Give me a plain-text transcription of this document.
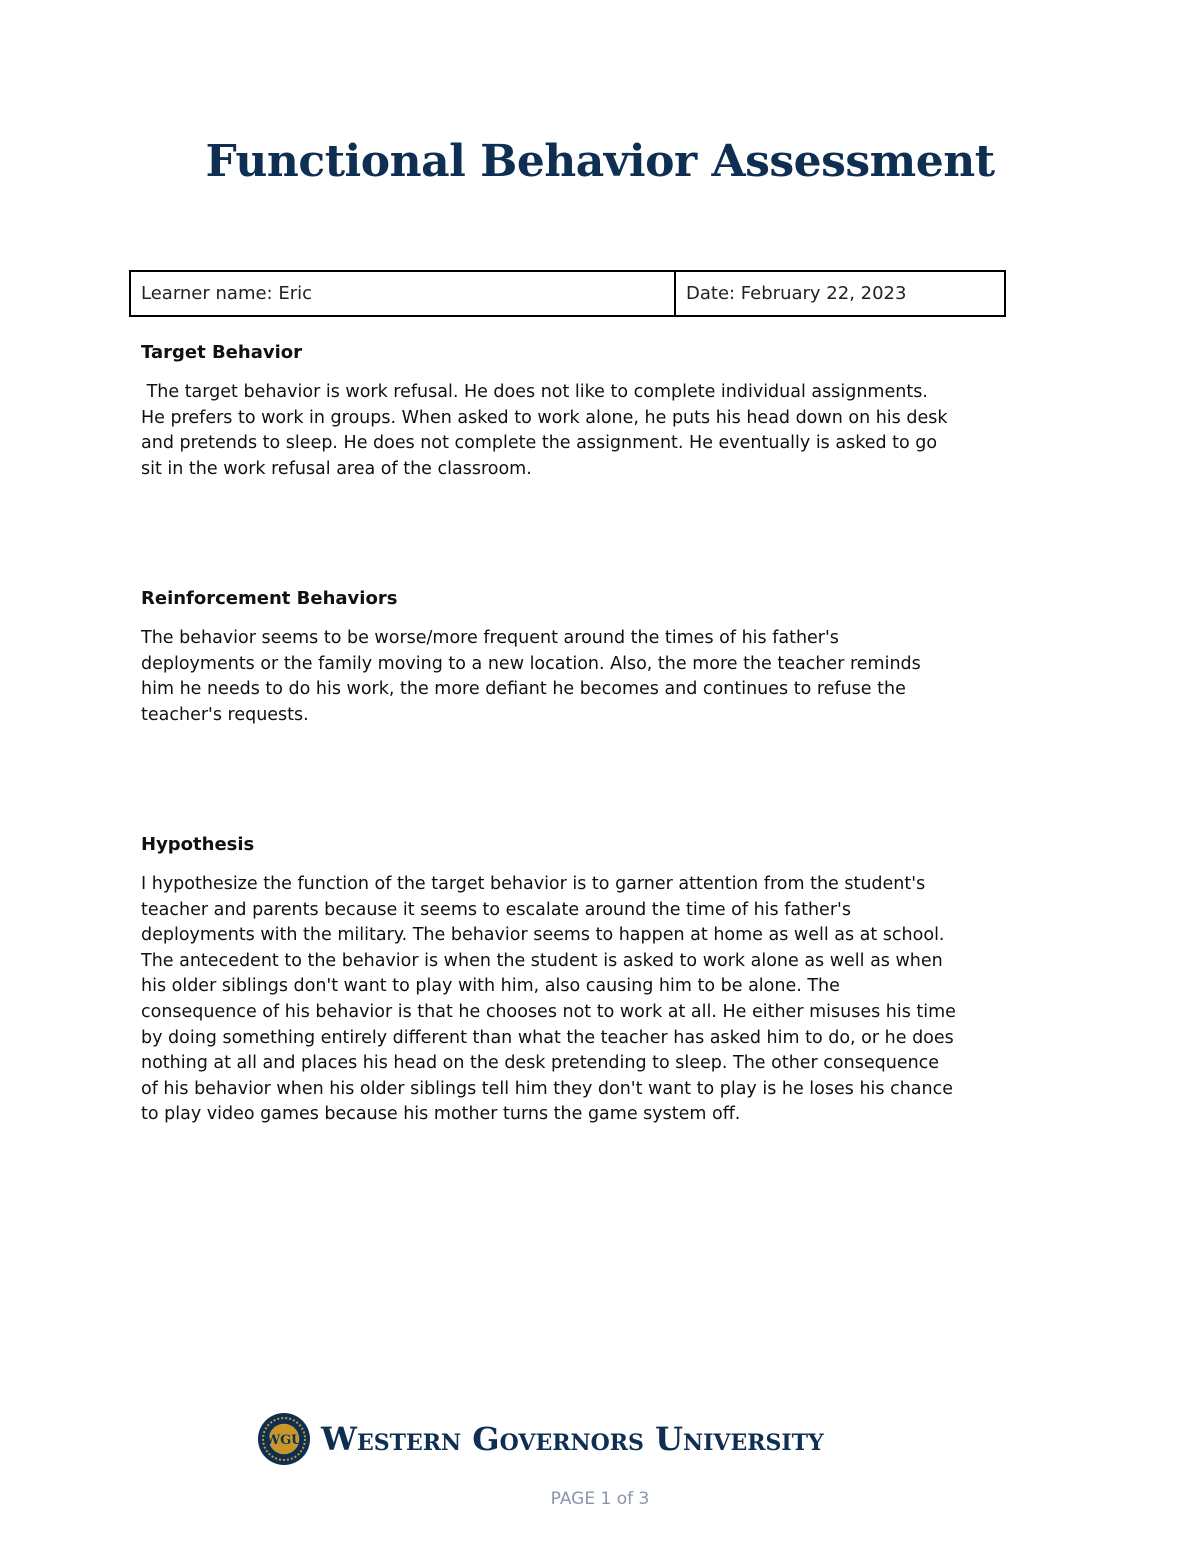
Functional Behavior Assessment
Learner name: Eric	Date: February 22, 2023
Target Behavior

The target behavior is work refusal. He does not like to complete individual assignments.
He prefers to work in groups. When asked to work alone, he puts his head down on his desk
and pretends to sleep. He does not complete the assignment. He eventually is asked to go
sit in the work refusal area of the classroom.

Reinforcement Behaviors

The behavior seems to be worse/more frequent around the times of his father's
deployments or the family moving to a new location. Also, the more the teacher reminds
him he needs to do his work, the more defiant he becomes and continues to refuse the
teacher's requests.

Hypothesis

I hypothesize the function of the target behavior is to garner attention from the student's
teacher and parents because it seems to escalate around the time of his father's
deployments with the military. The behavior seems to happen at home as well as at school.
The antecedent to the behavior is when the student is asked to work alone as well as when
his older siblings don't want to play with him, also causing him to be alone. The
consequence of his behavior is that he chooses not to work at all. He either misuses his time
by doing something entirely different than what the teacher has asked him to do, or he does
nothing at all and places his head on the desk pretending to sleep. The other consequence
of his behavior when his older siblings tell him they don't want to play is he loses his chance
to play video games because his mother turns the game system off.

WGU Western Governors University
PAGE 1 of 3
